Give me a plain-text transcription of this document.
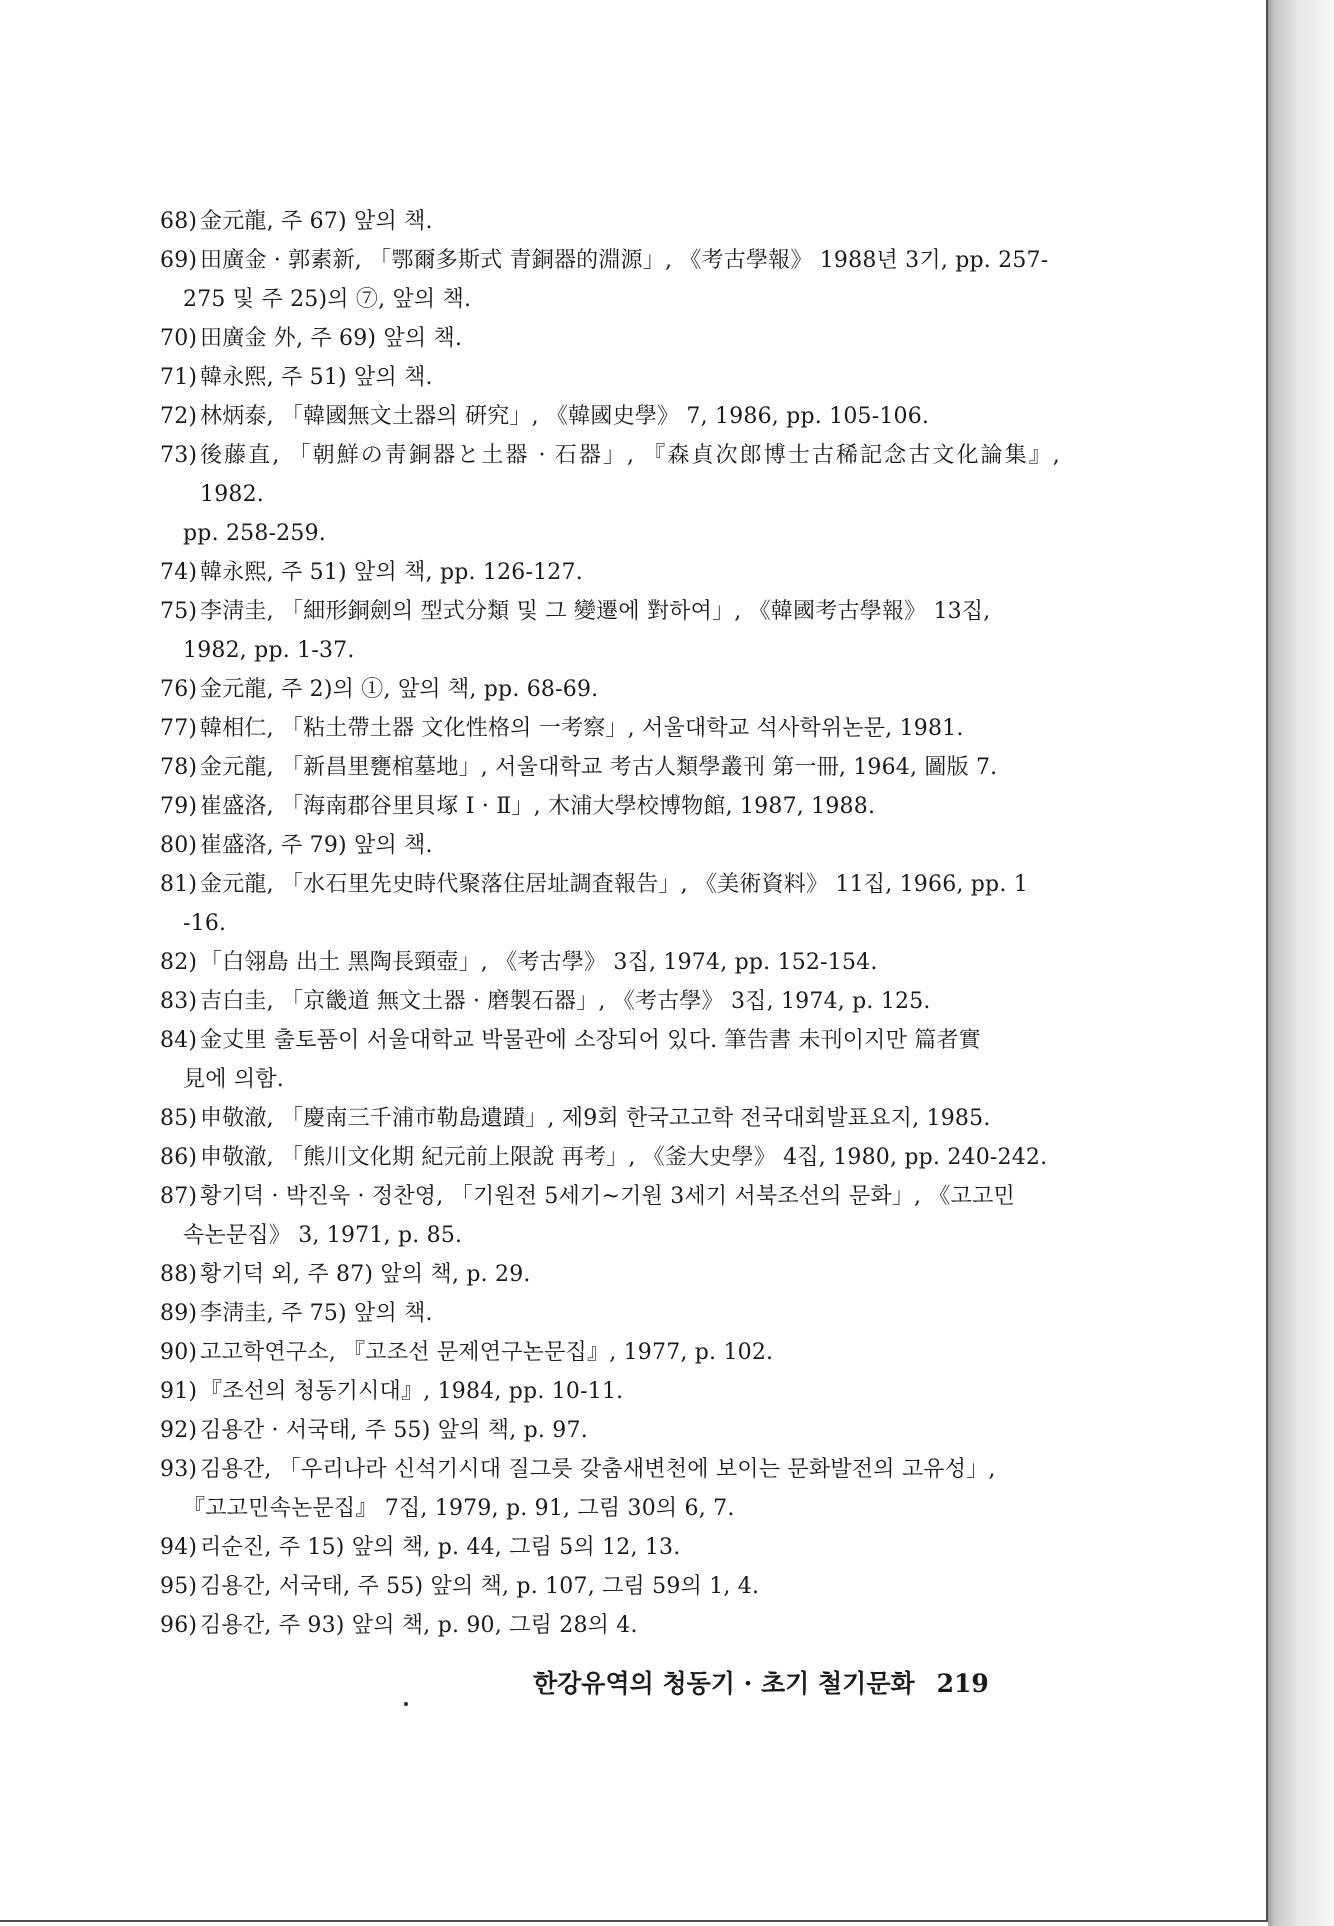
68) 金元龍, 주 67) 앞의 책.
69) 田廣金 · 郭素新, 「鄂爾多斯式 青銅器的淵源」, 《考古學報》 1988년 3기, pp. 257-
275 및 주 25)의 ⑦, 앞의 책.
70) 田廣金 外, 주 69) 앞의 책.
71) 韓永熙, 주 51) 앞의 책.
72) 林炳泰, 「韓國無文土器의 硏究」, 《韓國史學》 7, 1986, pp. 105-106.
73) 後藤直, 「朝鮮の靑銅器と土器 · 石器」, 『森貞次郎博士古稀記念古文化論集』, 1982.
pp. 258-259.
74) 韓永熙, 주 51) 앞의 책, pp. 126-127.
75) 李淸圭, 「細形銅劍의 型式分類 및 그 變遷에 對하여」, 《韓國考古學報》 13집,
1982, pp. 1-37.
76) 金元龍, 주 2)의 ①, 앞의 책, pp. 68-69.
77) 韓相仁, 「粘土帶土器 文化性格의 一考察」, 서울대학교 석사학위논문, 1981.
78) 金元龍, 「新昌里甕棺墓地」, 서울대학교 考古人類學叢刊 第一冊, 1964, 圖版 7.
79) 崔盛洛, 「海南郡谷里貝塚 Ⅰ · Ⅱ」, 木浦大學校博物館, 1987, 1988.
80) 崔盛洛, 주 79) 앞의 책.
81) 金元龍, 「水石里先史時代聚落住居址調査報告」, 《美術資料》 11집, 1966, pp. 1
-16.
82) 「白翎島 出土 黑陶長頸壺」, 《考古學》 3집, 1974, pp. 152-154.
83) 吉白圭, 「京畿道 無文土器 · 磨製石器」, 《考古學》 3집, 1974, p. 125.
84) 金丈里 출토품이 서울대학교 박물관에 소장되어 있다. 筆告書 未刊이지만 篇者實
見에 의함.
85) 申敬澈, 「慶南三千浦市勒島遺蹟」, 제9회 한국고고학 전국대회발표요지, 1985.
86) 申敬澈, 「熊川文化期 紀元前上限說 再考」, 《釜大史學》 4집, 1980, pp. 240-242.
87) 황기덕 · 박진욱 · 정찬영, 「기원전 5세기~기원 3세기 서북조선의 문화」, 《고고민
속논문집》 3, 1971, p. 85.
88) 황기덕 외, 주 87) 앞의 책, p. 29.
89) 李淸圭, 주 75) 앞의 책.
90) 고고학연구소, 『고조선 문제연구논문집』, 1977, p. 102.
91) 『조선의 청동기시대』, 1984, pp. 10-11.
92) 김용간 · 서국태, 주 55) 앞의 책, p. 97.
93) 김용간, 「우리나라 신석기시대 질그릇 갖춤새변천에 보이는 문화발전의 고유성」,
『고고민속논문집』 7집, 1979, p. 91, 그림 30의 6, 7.
94) 리순진, 주 15) 앞의 책, p. 44, 그림 5의 12, 13.
95) 김용간, 서국태, 주 55) 앞의 책, p. 107, 그림 59의 1, 4.
96) 김용간, 주 93) 앞의 책, p. 90, 그림 28의 4.
한강유역의 청동기 · 초기 철기문화 219
